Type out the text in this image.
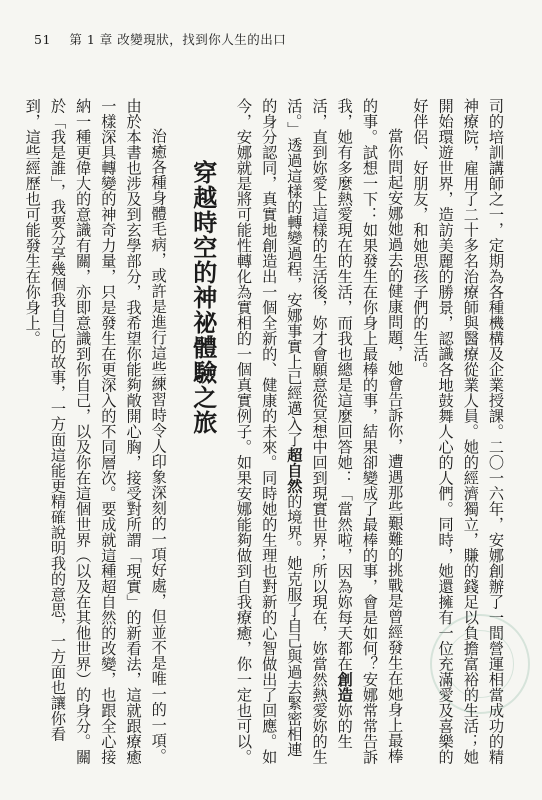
51 第 1 章 改變現狀，找到你人生的出口

司的培訓講師之一，定期為各種機構及企業授課。二〇一六年，安娜創辦了一間營運相當成功的精神療院，雇用了二十多名治療師與醫療從業人員。她的經濟獨立，賺的錢足以負擔富裕的生活；她開始環遊世界，造訪美麗的勝景，認識各地鼓舞人心的人們。同時，她還擁有一位充滿愛及喜樂的好伴侶、好朋友，和她思孩子們的生活。

當你問起安娜她過去的健康問題，她會告訴你，遭遇那些艱難的挑戰是曾經發生在她身上最棒的事。試想一下：如果發生在你身上最棒的事，結果卻變成了最棒的事，會是如何？安娜常常告訴我，她有多麼熱愛現在的生活，而我也總是這麼回答她：「當然啦，因為妳每天都在創造妳的生活，直到妳愛上這樣的生活後，妳才會願意從冥想中回到現實世界；所以現在，妳當然熱愛妳的生活。」透過這樣的轉變過程，安娜事實上已經邁入了超自然的境界。她克服了自己與過去緊密相連的身分認同，真實地創造出一個全新的、健康的未來。同時她的生理也對新的心智做出了回應。如今，安娜就是將可能性轉化為實相的一個真實例子。如果安娜能夠做到自我療癒，你一定也可以。

穿越時空的神祕體驗之旅

治癒各種身體毛病，或許是進行這些練習時令人印象深刻的一項好處，但並不是唯一的一項。由於本書也涉及到玄學部分，我希望你能夠敞開心胸，接受對所謂「現實」的新看法，這就跟療癒一樣深具轉變的神奇力量，只是發生在更深入的不同層次。要成就這種超自然的改變，也跟全心接納一種更偉大的意識有關，亦即意識到你自己，以及你在這個世界（以及在其他世界）的身分。關於「我是誰」，我要分享幾個我自己的故事，一方面這能更精確說明我的意思，一方面也讓你看到，這些經歷也可能發生在你身上。
